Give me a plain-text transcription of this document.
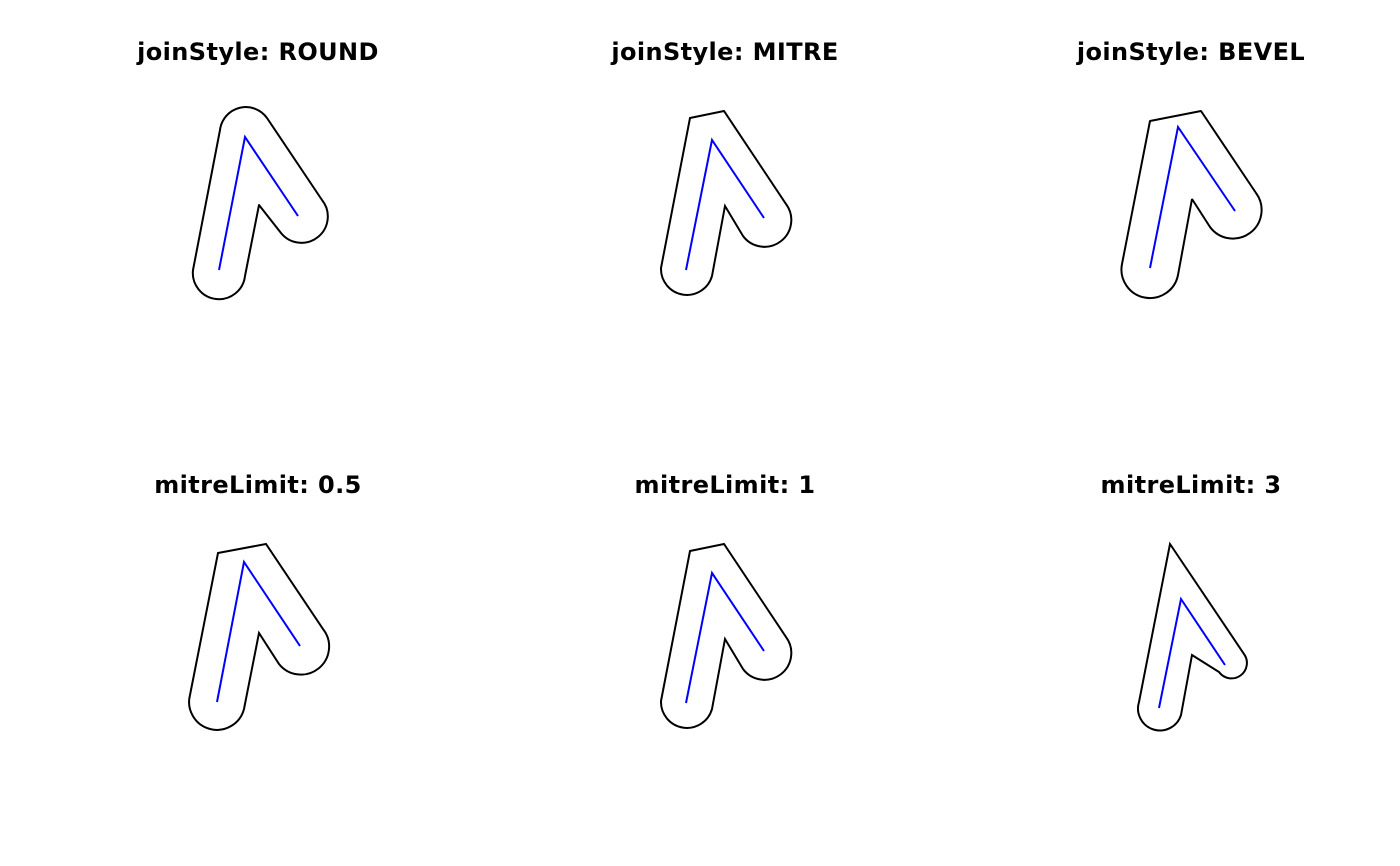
joinStyle: ROUND	joinStyle: MITRE	joinStyle: BEVEL
mitreLimit: 0.5	mitreLimit: 1	mitreLimit: 3
